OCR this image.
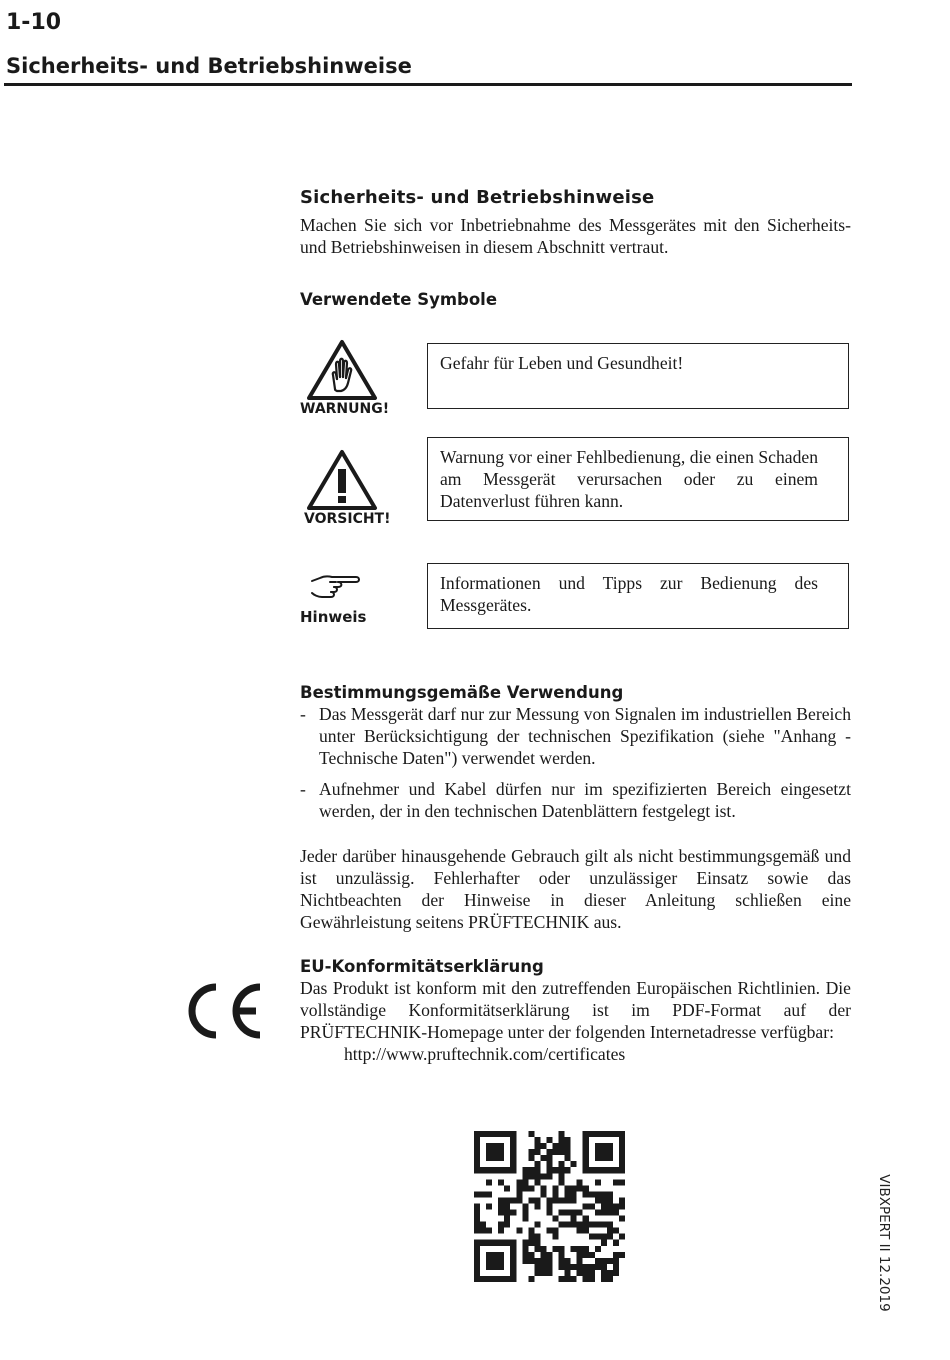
1-10
Sicherheits- und Betriebshinweise
Sicherheits- und Betriebshinweise
Machen Sie sich vor Inbetriebnahme des Messgerätes mit den Sicherheits- und Betriebshinweisen in diesem Abschnitt vertraut.
Verwendete Symbole
WARNUNG!
Gefahr für Leben und Gesundheit!
VORSICHT!
Warnung vor einer Fehlbedienung, die einen Schaden am Messgerät verursachen oder zu einem Datenverlust führen kann.
Hinweis
Informationen und Tipps zur Bedienung des Messgerätes.
Bestimmungsgemäße Verwendung
- Das Messgerät darf nur zur Messung von Signalen im industriellen Bereich unter Berücksichtigung der technischen Spezifikation (siehe "Anhang - Technische Daten") verwendet werden.
- Aufnehmer und Kabel dürfen nur im spezifizierten Bereich eingesetzt werden, der in den technischen Datenblättern festgelegt ist.
Jeder darüber hinausgehende Gebrauch gilt als nicht bestimmungsgemäß und ist unzulässig. Fehlerhafter oder unzulässiger Einsatz sowie das Nichtbeachten der Hinweise in dieser Anleitung schließen eine Gewährleistung seitens PRÜFTECHNIK aus.
EU-Konformitätserklärung
Das Produkt ist konform mit den zutreffenden Europäischen Richtlinien. Die vollständige Konformitätserklärung ist im PDF-Format auf der PRÜFTECHNIK-Homepage unter der folgenden Internetadresse verfügbar:
http://www.pruftechnik.com/certificates
VIBXPERT II 12.2019
